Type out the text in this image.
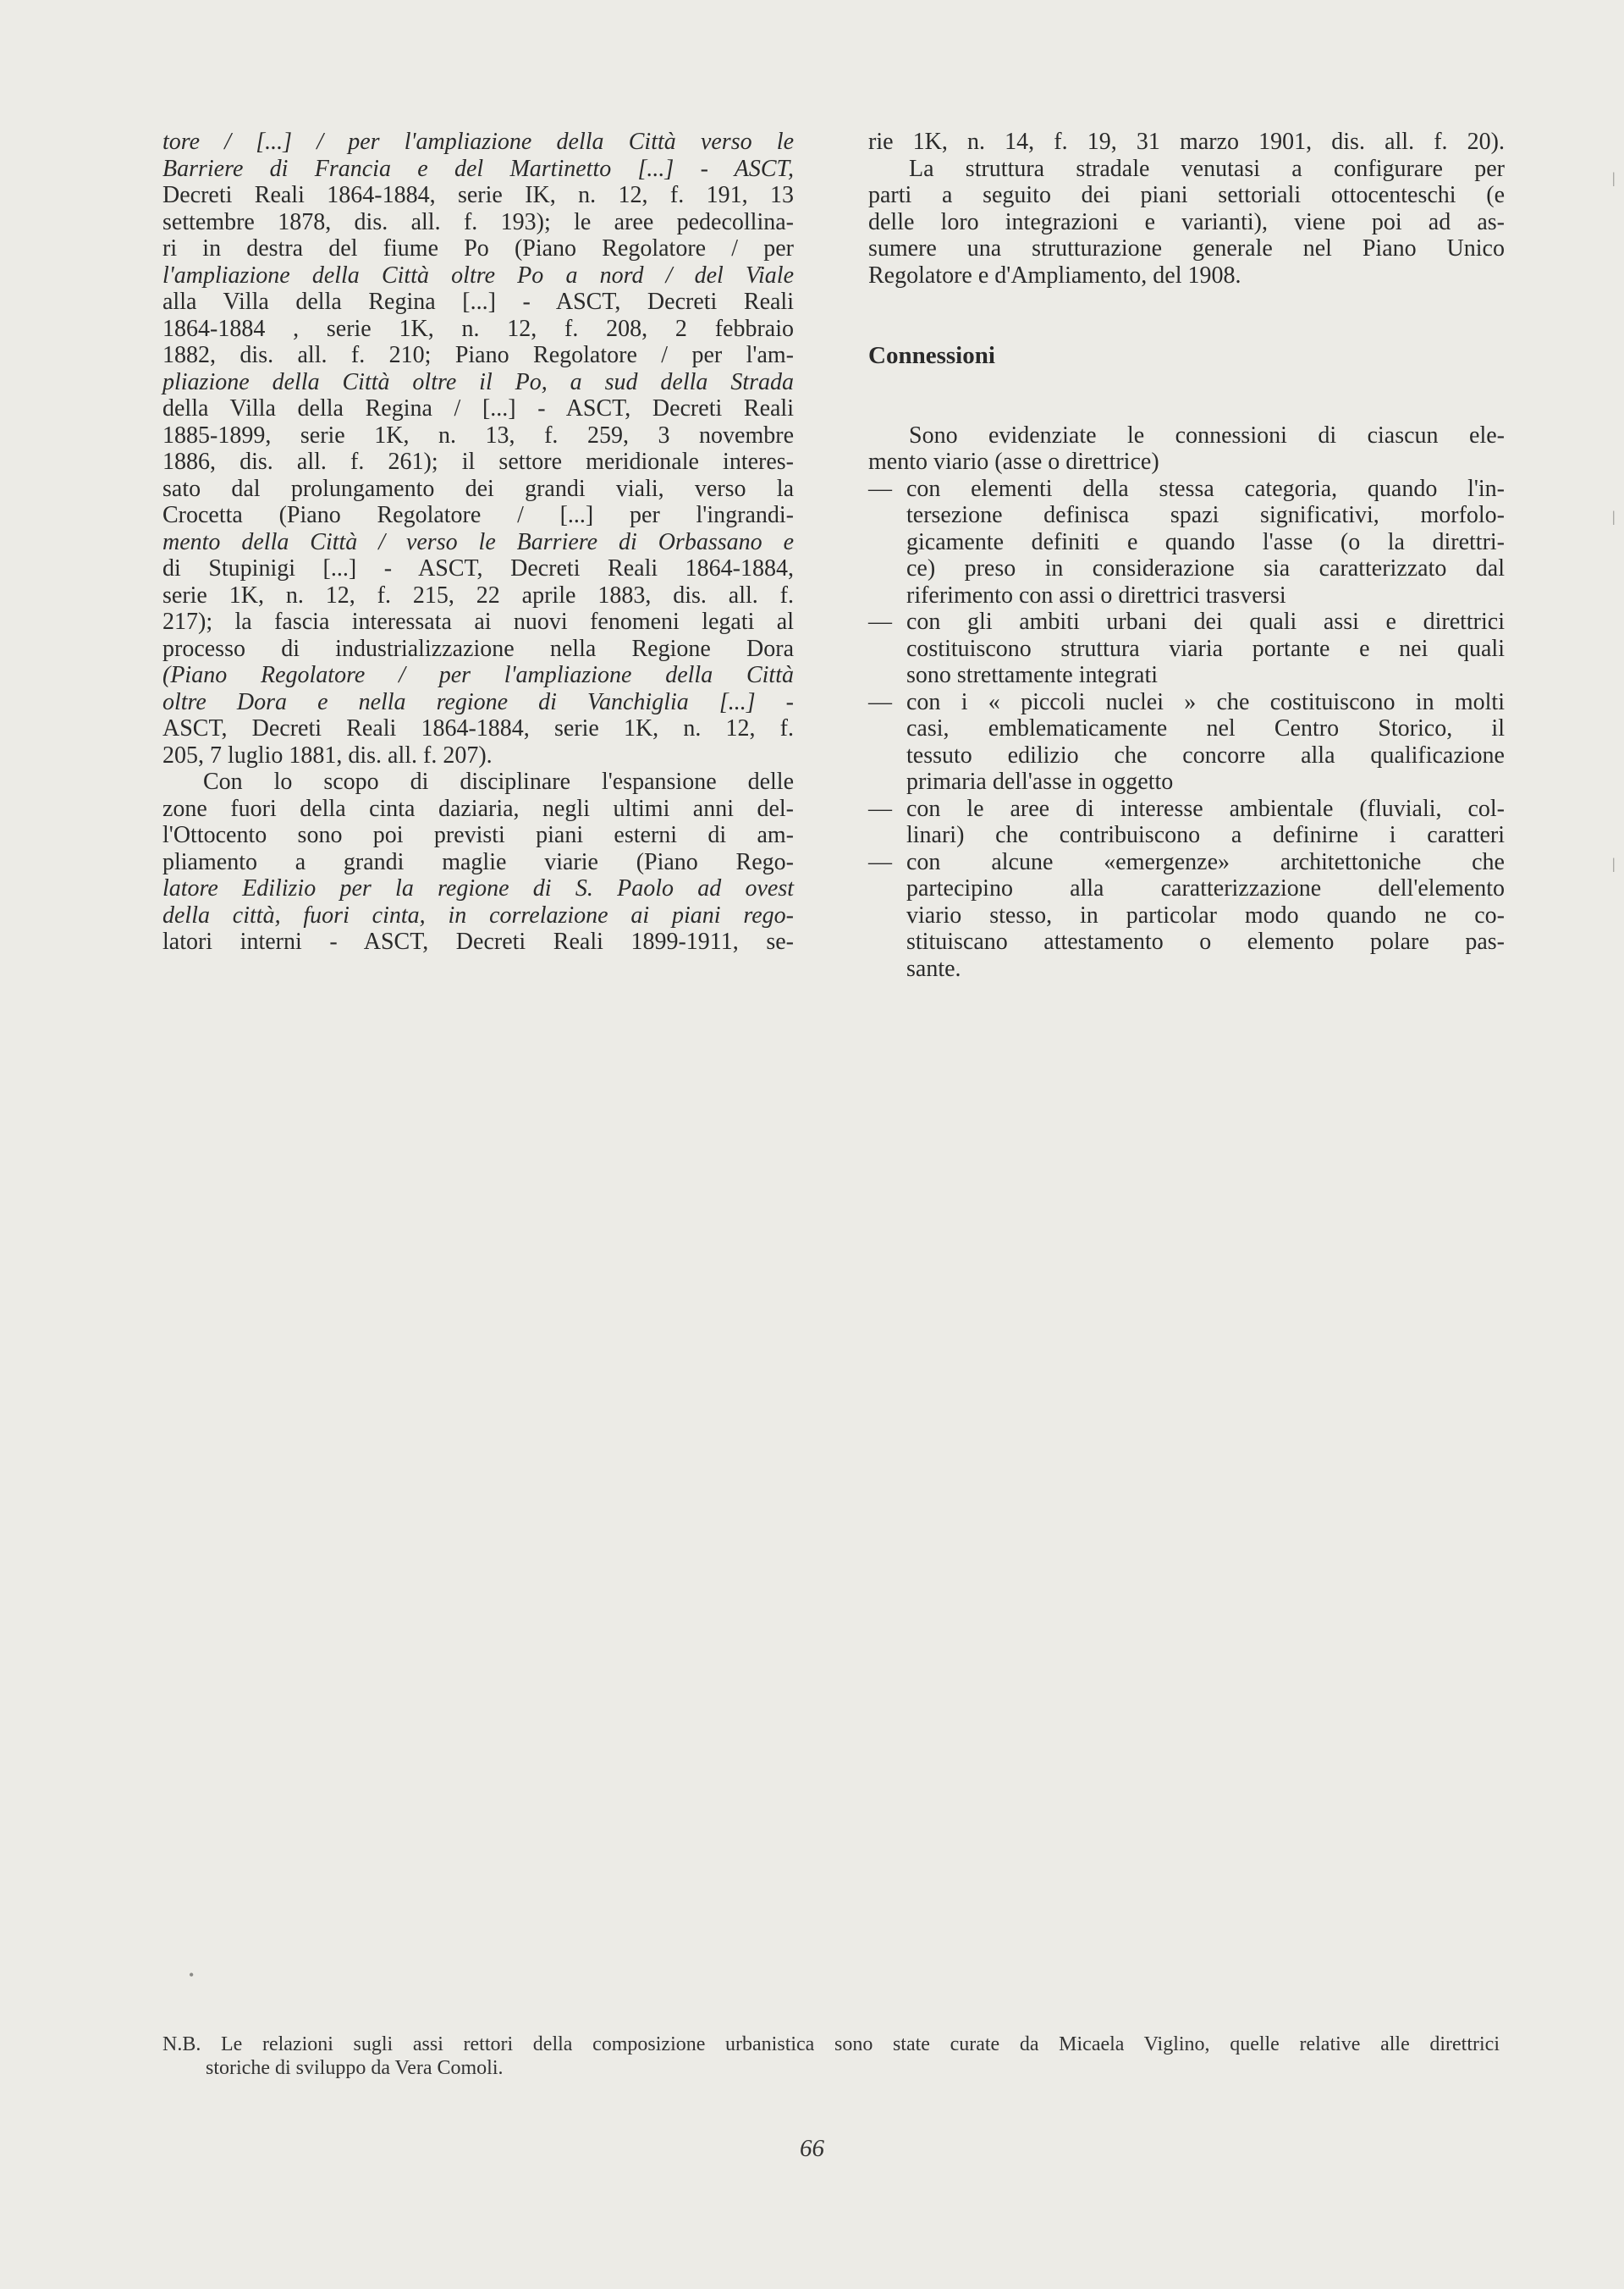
tore / [...] / per l'ampliazione della Città verso le
Barriere di Francia e del Martinetto [...] - ASCT,
Decreti Reali 1864-1884, serie IK, n. 12, f. 191, 13
settembre 1878, dis. all. f. 193); le aree pedecollina-
ri in destra del fiume Po (Piano Regolatore / per
l'ampliazione della Città oltre Po a nord / del Viale
alla Villa della Regina [...] - ASCT, Decreti Reali
1864-1884 , serie 1K, n. 12, f. 208, 2 febbraio
1882, dis. all. f. 210; Piano Regolatore / per l'am-
pliazione della Città oltre il Po, a sud della Strada
della Villa della Regina / [...] - ASCT, Decreti Reali
1885-1899, serie 1K, n. 13, f. 259, 3 novembre
1886, dis. all. f. 261); il settore meridionale interes-
sato dal prolungamento dei grandi viali, verso la
Crocetta (Piano Regolatore / [...] per l'ingrandi-
mento della Città / verso le Barriere di Orbassano e
di Stupinigi [...] - ASCT, Decreti Reali 1864-1884,
serie 1K, n. 12, f. 215, 22 aprile 1883, dis. all. f.
217); la fascia interessata ai nuovi fenomeni legati al
processo di industrializzazione nella Regione Dora
(Piano Regolatore / per l'ampliazione della Città
oltre Dora e nella regione di Vanchiglia [...] -
ASCT, Decreti Reali 1864-1884, serie 1K, n. 12, f.
205, 7 luglio 1881, dis. all. f. 207).
Con lo scopo di disciplinare l'espansione delle
zone fuori della cinta daziaria, negli ultimi anni del-
l'Ottocento sono poi previsti piani esterni di am-
pliamento a grandi maglie viarie (Piano Rego-
latore Edilizio per la regione di S. Paolo ad ovest
della città, fuori cinta, in correlazione ai piani rego-
latori interni - ASCT, Decreti Reali 1899-1911, se-
rie 1K, n. 14, f. 19, 31 marzo 1901, dis. all. f. 20).
La struttura stradale venutasi a configurare per
parti a seguito dei piani settoriali ottocenteschi (e
delle loro integrazioni e varianti), viene poi ad as-
sumere una strutturazione generale nel Piano Unico
Regolatore e d'Ampliamento, del 1908.
Connessioni
Sono evidenziate le connessioni di ciascun ele-
mento viario (asse o direttrice)
— con elementi della stessa categoria, quando l'in-
tersezione definisca spazi significativi, morfolo-
gicamente definiti e quando l'asse (o la direttri-
ce) preso in considerazione sia caratterizzato dal
riferimento con assi o direttrici trasversi
— con gli ambiti urbani dei quali assi e direttrici
costituiscono struttura viaria portante e nei quali
sono strettamente integrati
— con i « piccoli nuclei » che costituiscono in molti
casi, emblematicamente nel Centro Storico, il
tessuto edilizio che concorre alla qualificazione
primaria dell'asse in oggetto
— con le aree di interesse ambientale (fluviali, col-
linari) che contribuiscono a definirne i caratteri
— con alcune «emergenze» architettoniche che
partecipino alla caratterizzazione dell'elemento
viario stesso, in particolar modo quando ne co-
stituiscano attestamento o elemento polare pas-
sante.
N.B. Le relazioni sugli assi rettori della composizione urbanistica sono state curate da Micaela Viglino, quelle relative alle direttrici
storiche di sviluppo da Vera Comoli.
66
|
|
|
•
